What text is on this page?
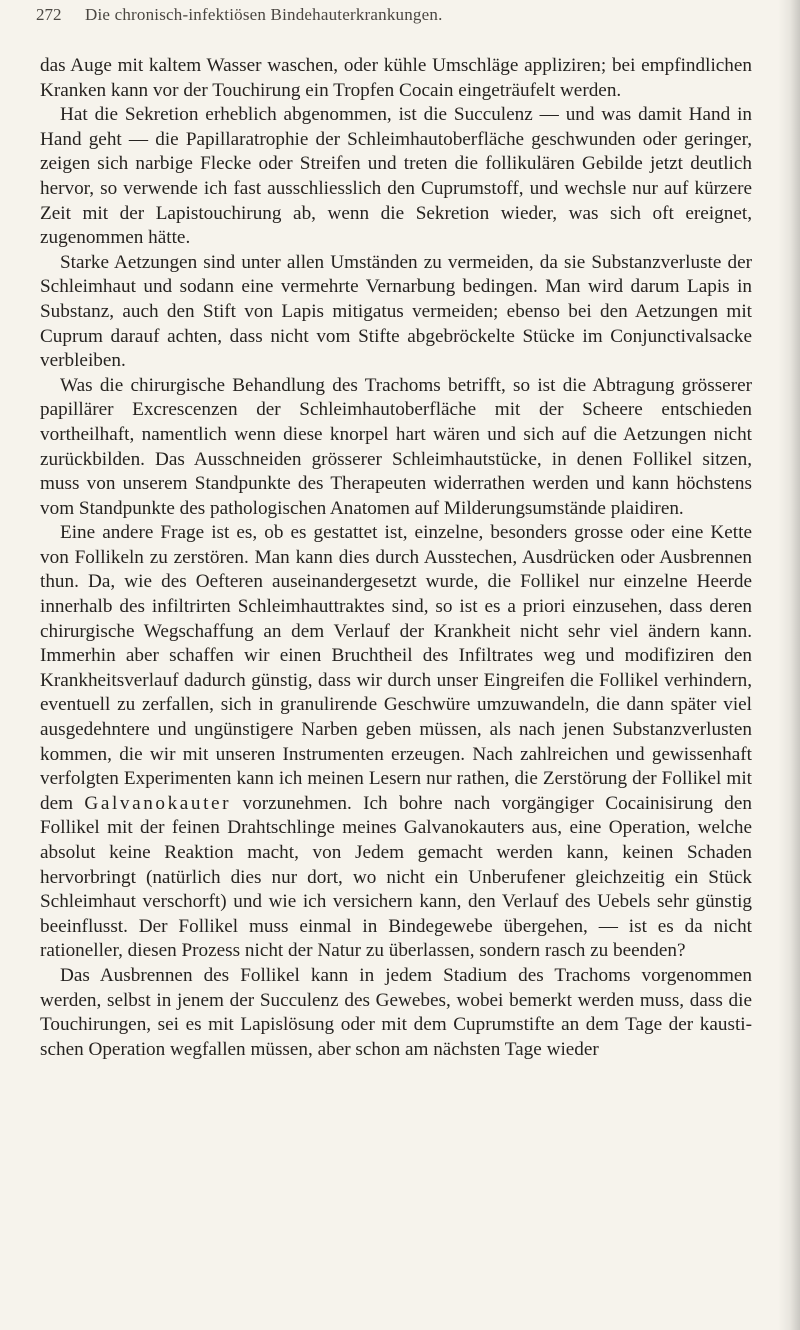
272 Die chronisch-infektiösen Bindehauterkrankungen.

das Auge mit kaltem Wasser waschen, oder kühle Umschläge appliziren; bei empfindlichen Kranken kann vor der Touchirung ein Tropfen Cocain eingeträufelt werden.

Hat die Sekretion erheblich abgenommen, ist die Succulenz — und was damit Hand in Hand geht — die Papillaratrophie der Schleimhautoberfläche geschwunden oder geringer, zeigen sich narbige Flecke oder Streifen und treten die follikulären Gebilde jetzt deutlich hervor, so verwende ich fast ausschliesslich den Cuprumstoff, und wechsle nur auf kürzere Zeit mit der Lapistouchirung ab, wenn die Sekretion wieder, was sich oft ereignet, zugenommen hätte.

Starke Aetzungen sind unter allen Umständen zu vermeiden, da sie Substanzverluste der Schleimhaut und sodann eine vermehrte Vernarbung bedingen. Man wird darum Lapis in Substanz, auch den Stift von Lapis mitigatus vermeiden; ebenso bei den Aetzungen mit Cuprum darauf achten, dass nicht vom Stifte abgebröckelte Stücke im Conjunctivalsacke verbleiben.

Was die chirurgische Behandlung des Trachoms betrifft, so ist die Abtragung grösserer papillärer Excrescenzen der Schleimhautoberfläche mit der Scheere entschieden vortheilhaft, namentlich wenn diese knorpel hart wären und sich auf die Aetzungen nicht zurückbilden. Das Ausschneiden grösserer Schleimhautstücke, in denen Follikel sitzen, muss von unserem Standpunkte des Therapeuten widerrathen werden und kann höchstens vom Standpunkte des pathologischen Anatomen auf Milderungsumstände plaidiren.

Eine andere Frage ist es, ob es gestattet ist, einzelne, besonders grosse oder eine Kette von Follikeln zu zerstören. Man kann dies durch Ausstechen, Ausdrücken oder Ausbrennen thun. Da, wie des Oefteren auseinandergesetzt wurde, die Follikel nur einzelne Heerde innerhalb des infiltrirten Schleimhauttraktes sind, so ist es a priori einzusehen, dass deren chirurgische Wegschaffung an dem Verlauf der Krankheit nicht sehr viel ändern kann. Immerhin aber schaffen wir einen Bruchtheil des Infiltrates weg und modifiziren den Krankheitsverlauf dadurch günstig, dass wir durch unser Eingreifen die Follikel verhindern, eventuell zu zerfallen, sich in granulirende Geschwüre umzuwandeln, die dann später viel ausgedehntere und ungünstigere Narben geben müssen, als nach jenen Substanzverlusten kommen, die wir mit unseren Instrumenten erzeugen. Nach zahlreichen und gewissenhaft verfolgten Experimenten kann ich meinen Lesern nur rathen, die Zerstörung der Follikel mit dem Galvanokauter vorzunehmen. Ich bohre nach vorgängiger Cocainisirung den Follikel mit der feinen Drahtschlinge meines Galvanokauters aus, eine Operation, welche absolut keine Reaktion macht, von Jedem gemacht werden kann, keinen Schaden hervorbringt (natürlich dies nur dort, wo nicht ein Unberufener gleichzeitig ein Stück Schleimhaut verschorft) und wie ich versichern kann, den Verlauf des Uebels sehr günstig beeinflusst. Der Follikel muss einmal in Bindegewebe übergehen, — ist es da nicht rationeller, diesen Prozess nicht der Natur zu überlassen, sondern rasch zu beenden?

Das Ausbrennen des Follikel kann in jedem Stadium des Trachoms vorgenommen werden, selbst in jenem der Succulenz des Gewebes, wobei bemerkt werden muss, dass die Touchirungen, sei es mit Lapislösung oder mit dem Cuprumstifte an dem Tage der kaustischen Operation wegfallen müssen, aber schon am nächsten Tage wieder
